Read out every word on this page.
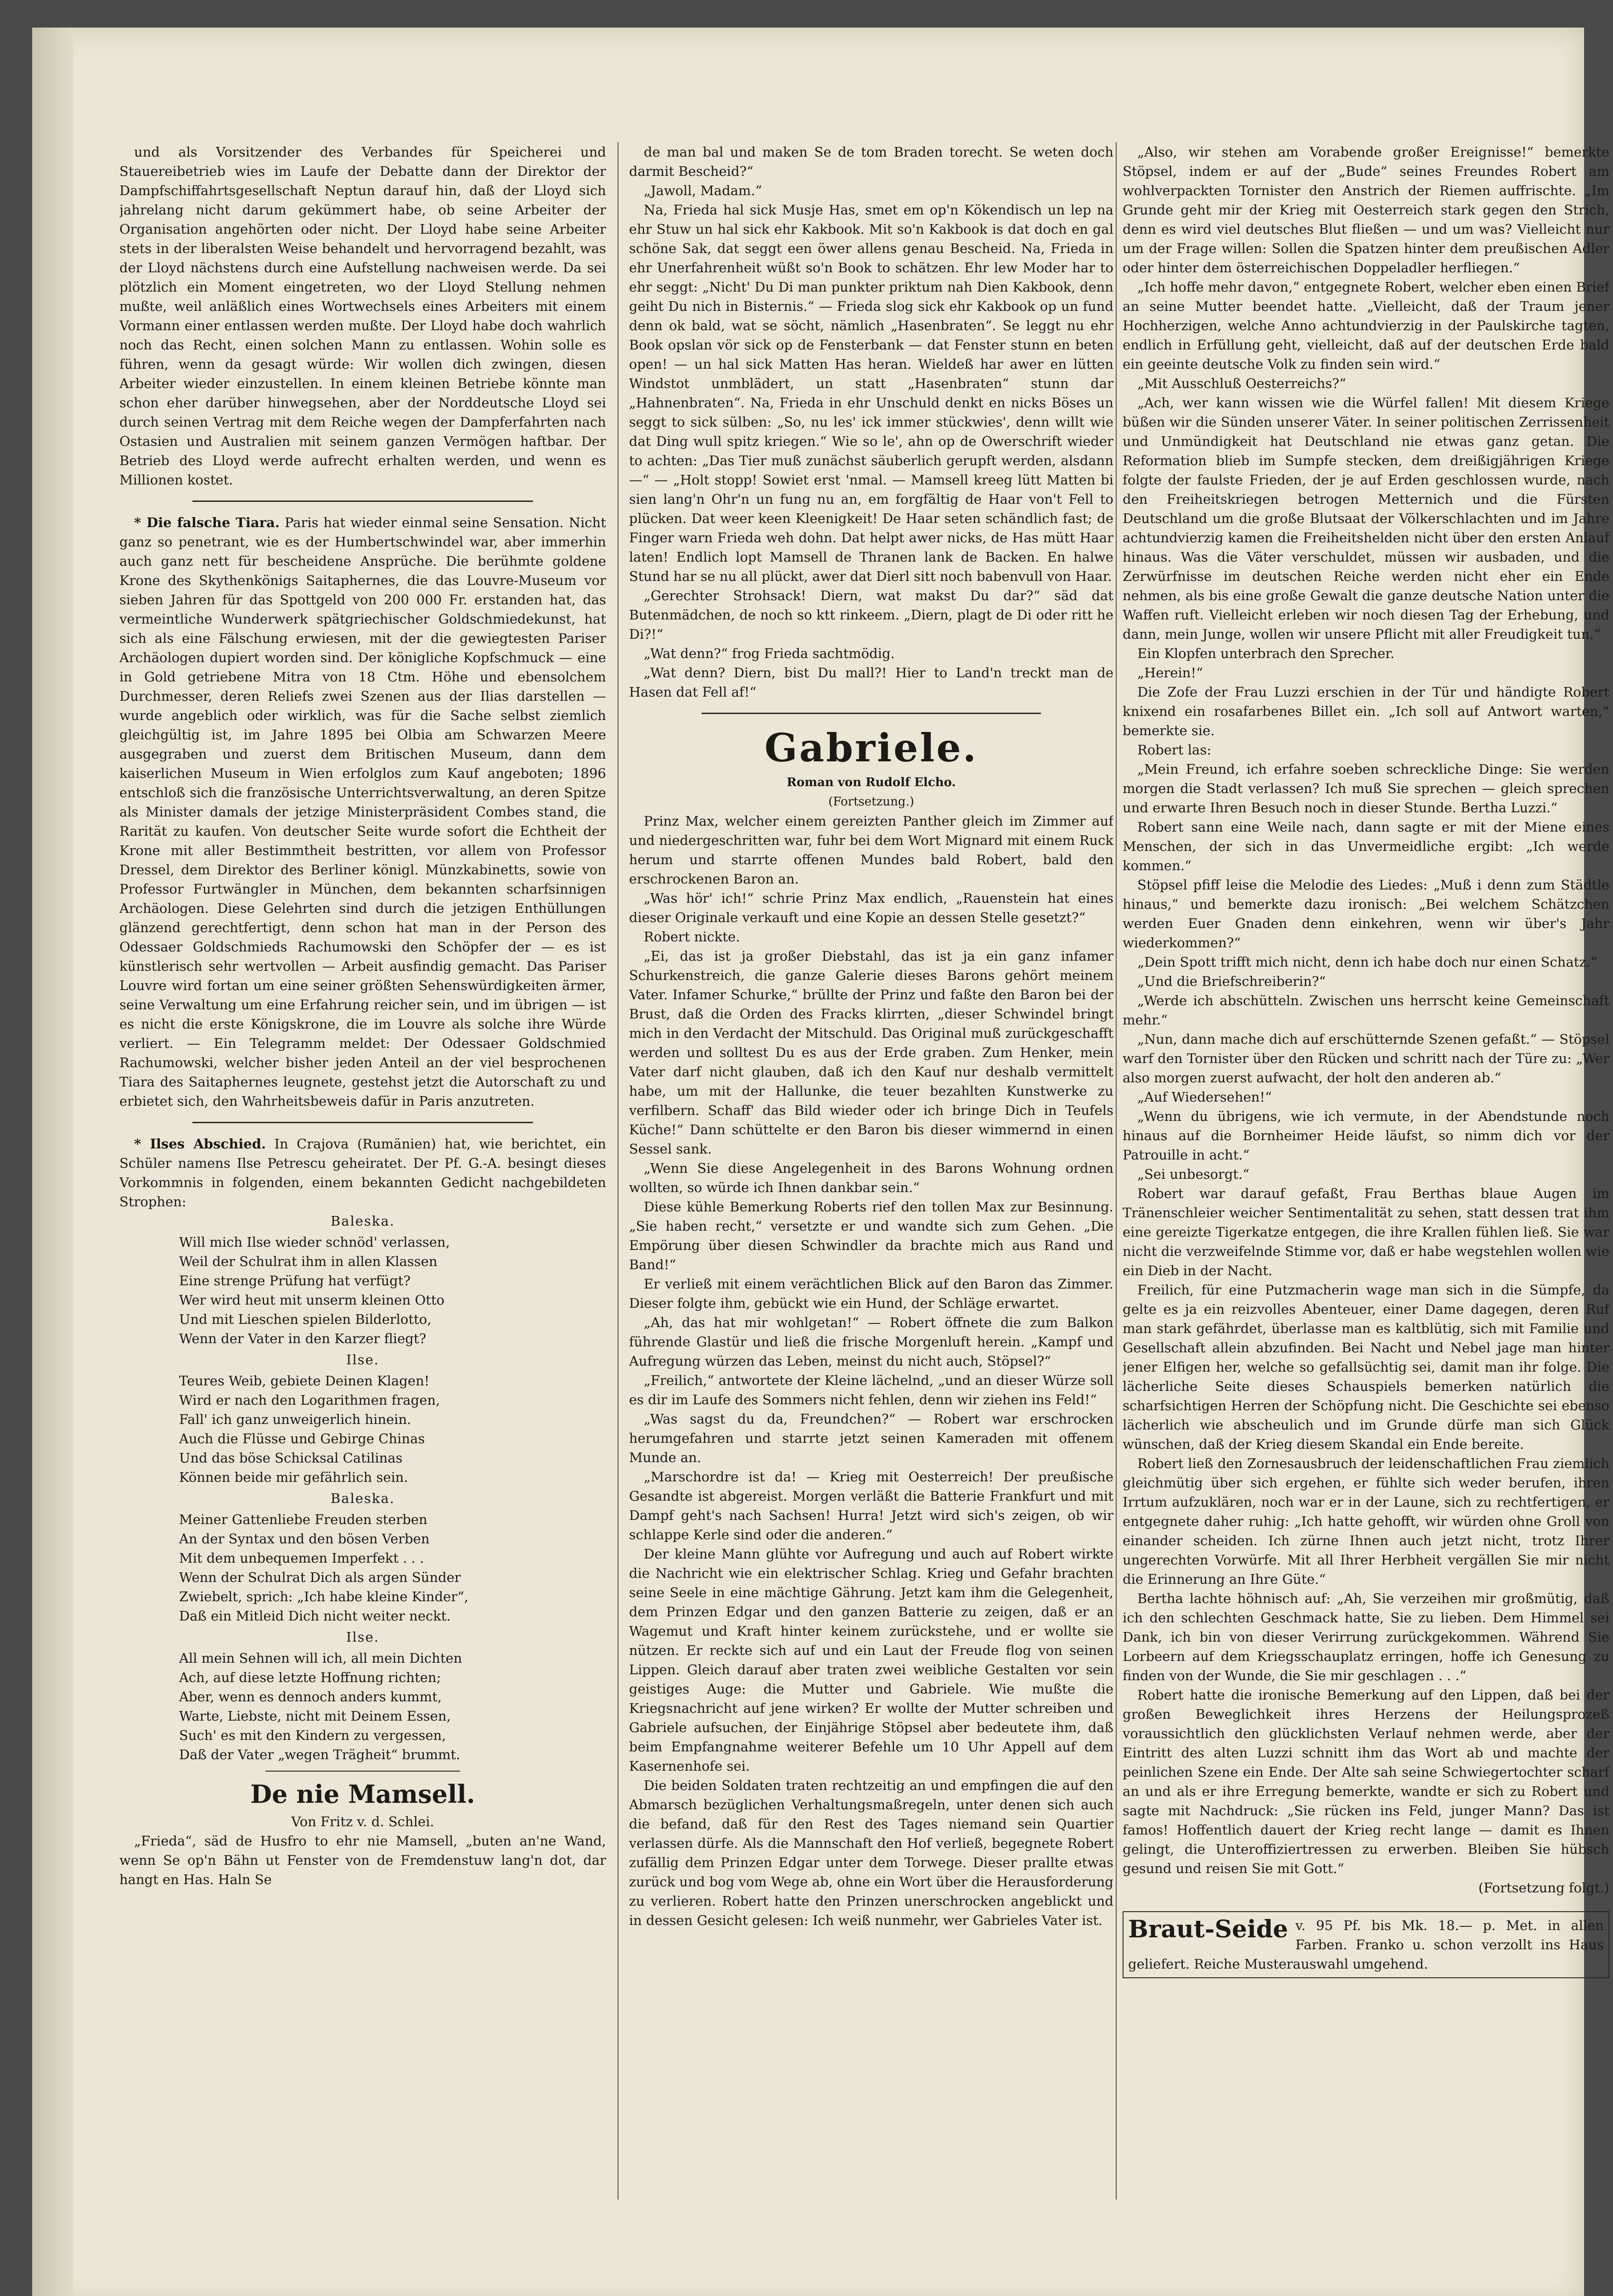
und als Vorsitzender des Verbandes für Speicherei und Stauereibetrieb wies im Laufe der Debatte dann der Direktor der Dampfschiffahrtsgesellschaft Neptun darauf hin, daß der Lloyd sich jahrelang nicht darum gekümmert habe, ob seine Arbeiter der Organisation angehörten oder nicht. Der Lloyd habe seine Arbeiter stets in der liberalsten Weise behandelt und hervorragend bezahlt, was der Lloyd nächstens durch eine Aufstellung nachweisen werde. Da sei plötzlich ein Moment eingetreten, wo der Lloyd Stellung nehmen mußte, weil anläßlich eines Wortwechsels eines Arbeiters mit einem Vormann einer entlassen werden mußte. Der Lloyd habe doch wahrlich noch das Recht, einen solchen Mann zu entlassen. Wohin solle es führen, wenn da gesagt würde: Wir wollen dich zwingen, diesen Arbeiter wieder einzustellen. In einem kleinen Betriebe könnte man schon eher darüber hinwegsehen, aber der Norddeutsche Lloyd sei durch seinen Vertrag mit dem Reiche wegen der Dampferfahrten nach Ostasien und Australien mit seinem ganzen Vermögen haftbar. Der Betrieb des Lloyd werde aufrecht erhalten werden, und wenn es Millionen kostet.

* Die falsche Tiara. Paris hat wieder einmal seine Sensation. Nicht ganz so penetrant, wie es der Humbertschwindel war, aber immerhin auch ganz nett für bescheidene Ansprüche. Die berühmte goldene Krone des Skythenkönigs Saitaphernes, die das Louvre-Museum vor sieben Jahren für das Spottgeld von 200 000 Fr. erstanden hat, das vermeintliche Wunderwerk spätgriechischer Goldschmiedekunst, hat sich als eine Fälschung erwiesen, mit der die gewiegtesten Pariser Archäologen dupiert worden sind. Der königliche Kopfschmuck — eine in Gold getriebene Mitra von 18 Ctm. Höhe und ebensolchem Durchmesser, deren Reliefs zwei Szenen aus der Ilias darstellen — wurde angeblich oder wirklich, was für die Sache selbst ziemlich gleichgültig ist, im Jahre 1895 bei Olbia am Schwarzen Meere ausgegraben und zuerst dem Britischen Museum, dann dem kaiserlichen Museum in Wien erfolglos zum Kauf angeboten; 1896 entschloß sich die französische Unterrichtsverwaltung, an deren Spitze als Minister damals der jetzige Ministerpräsident Combes stand, die Rarität zu kaufen. Von deutscher Seite wurde sofort die Echtheit der Krone mit aller Bestimmtheit bestritten, vor allem von Professor Dressel, dem Direktor des Berliner königl. Münzkabinetts, sowie von Professor Furtwängler in München, dem bekannten scharfsinnigen Archäologen. Diese Gelehrten sind durch die jetzigen Enthüllungen glänzend gerechtfertigt, denn schon hat man in der Person des Odessaer Goldschmieds Rachumowski den Schöpfer der — es ist künstlerisch sehr wertvollen — Arbeit ausfindig gemacht. Das Pariser Louvre wird fortan um eine seiner größten Sehenswürdigkeiten ärmer, seine Verwaltung um eine Erfahrung reicher sein, und im übrigen — ist es nicht die erste Königskrone, die im Louvre als solche ihre Würde verliert. — Ein Telegramm meldet: Der Odessaer Goldschmied Rachumowski, welcher bisher jeden Anteil an der viel besprochenen Tiara des Saitaphernes leugnete, gestehst jetzt die Autorschaft zu und erbietet sich, den Wahrheitsbeweis dafür in Paris anzutreten.

* Ilses Abschied. In Crajova (Rumänien) hat, wie berichtet, ein Schüler namens Ilse Petrescu geheiratet. Der Pf. G.-A. besingt dieses Vorkommnis in folgenden, einem bekannten Gedicht nachgebildeten Strophen:

Baleska.
Will mich Ilse wieder schnöd' verlassen,
Weil der Schulrat ihm in allen Klassen
Eine strenge Prüfung hat verfügt?
Wer wird heut mit unserm kleinen Otto
Und mit Lieschen spielen Bilderlotto,
Wenn der Vater in den Karzer fliegt?
Ilse.
Teures Weib, gebiete Deinen Klagen!
Wird er nach den Logarithmen fragen,
Fall' ich ganz unweigerlich hinein.
Auch die Flüsse und Gebirge Chinas
Und das böse Schicksal Catilinas
Können beide mir gefährlich sein.
Baleska.
Meiner Gattenliebe Freuden sterben
An der Syntax und den bösen Verben
Mit dem unbequemen Imperfekt . . .
Wenn der Schulrat Dich als argen Sünder
Zwiebelt, sprich: „Ich habe kleine Kinder“,
Daß ein Mitleid Dich nicht weiter neckt.
Ilse.
All mein Sehnen will ich, all mein Dichten
Ach, auf diese letzte Hoffnung richten;
Aber, wenn es dennoch anders kummt,
Warte, Liebste, nicht mit Deinem Essen,
Such' es mit den Kindern zu vergessen,
Daß der Vater „wegen Trägheit“ brummt.
De nie Mamsell.
Von Fritz v. d. Schlei.

„Frieda“, säd de Husfro to ehr nie Mamsell, „buten an'ne Wand, wenn Se op'n Bähn ut Fenster von de Fremdenstuw lang'n dot, dar hangt en Has. Haln Se

de man bal und maken Se de tom Braden torecht. Se weten doch darmit Bescheid?“

„Jawoll, Madam.“

Na, Frieda hal sick Musje Has, smet em op'n Kökendisch un lep na ehr Stuw un hal sick ehr Kakbook. Mit so'n Kakbook is dat doch en gal schöne Sak, dat seggt een öwer allens genau Bescheid. Na, Frieda in ehr Unerfahrenheit wüßt so'n Book to schätzen. Ehr lew Moder har to ehr seggt: „Nicht' Du Di man punkter priktum nah Dien Kakbook, denn geiht Du nich in Bisternis.“ — Frieda slog sick ehr Kakbook op un fund denn ok bald, wat se söcht, nämlich „Hasenbraten“. Se leggt nu ehr Book opslan vör sick op de Fensterbank — dat Fenster stunn en beten open! — un hal sick Matten Has heran. Wieldeß har awer en lütten Windstot unmblädert, un statt „Hasenbraten“ stunn dar „Hahnenbraten“. Na, Frieda in ehr Unschuld denkt en nicks Böses un seggt to sick sülben: „So, nu les' ick immer stückwies', denn willt wie dat Ding wull spitz kriegen.“ Wie so le', ahn op de Owerschrift wieder to achten: „Das Tier muß zunächst säuberlich gerupft werden, alsdann —“ — „Holt stopp! Sowiet erst 'nmal. — Mamsell kreeg lütt Matten bi sien lang'n Ohr'n un fung nu an, em forgfältig de Haar von't Fell to plücken. Dat weer keen Kleenigkeit! De Haar seten schändlich fast; de Finger warn Frieda weh dohn. Dat helpt awer nicks, de Has mütt Haar laten! Endlich lopt Mamsell de Thranen lank de Backen. En halwe Stund har se nu all plückt, awer dat Dierl sitt noch babenvull von Haar.

„Gerechter Strohsack! Diern, wat makst Du dar?“ säd dat Butenmädchen, de noch so ktt rinkeem. „Diern, plagt de Di oder ritt he Di?!“

„Wat denn?“ frog Frieda sachtmödig.

„Wat denn? Diern, bist Du mall?! Hier to Land'n treckt man de Hasen dat Fell af!“

Gabriele.
Roman von Rudolf Elcho.
(Fortsetzung.)

Prinz Max, welcher einem gereizten Panther gleich im Zimmer auf und niedergeschritten war, fuhr bei dem Wort Mignard mit einem Ruck herum und starrte offenen Mundes bald Robert, bald den erschrockenen Baron an.

„Was hör' ich!“ schrie Prinz Max endlich, „Rauenstein hat eines dieser Originale verkauft und eine Kopie an dessen Stelle gesetzt?“

Robert nickte.

„Ei, das ist ja großer Diebstahl, das ist ja ein ganz infamer Schurkenstreich, die ganze Galerie dieses Barons gehört meinem Vater. Infamer Schurke,“ brüllte der Prinz und faßte den Baron bei der Brust, daß die Orden des Fracks klirrten, „dieser Schwindel bringt mich in den Verdacht der Mitschuld. Das Original muß zurückgeschafft werden und solltest Du es aus der Erde graben. Zum Henker, mein Vater darf nicht glauben, daß ich den Kauf nur deshalb vermittelt habe, um mit der Hallunke, die teuer bezahlten Kunstwerke zu verfilbern. Schaff' das Bild wieder oder ich bringe Dich in Teufels Küche!“ Dann schüttelte er den Baron bis dieser wimmernd in einen Sessel sank.

„Wenn Sie diese Angelegenheit in des Barons Wohnung ordnen wollten, so würde ich Ihnen dankbar sein.“

Diese kühle Bemerkung Roberts rief den tollen Max zur Besinnung. „Sie haben recht,“ versetzte er und wandte sich zum Gehen. „Die Empörung über diesen Schwindler da brachte mich aus Rand und Band!“

Er verließ mit einem verächtlichen Blick auf den Baron das Zimmer. Dieser folgte ihm, gebückt wie ein Hund, der Schläge erwartet.

„Ah, das hat mir wohlgetan!“ — Robert öffnete die zum Balkon führende Glastür und ließ die frische Morgenluft herein. „Kampf und Aufregung würzen das Leben, meinst du nicht auch, Stöpsel?“

„Freilich,“ antwortete der Kleine lächelnd, „und an dieser Würze soll es dir im Laufe des Sommers nicht fehlen, denn wir ziehen ins Feld!“

„Was sagst du da, Freundchen?“ — Robert war erschrocken herumgefahren und starrte jetzt seinen Kameraden mit offenem Munde an.

„Marschordre ist da! — Krieg mit Oesterreich! Der preußische Gesandte ist abgereist. Morgen verläßt die Batterie Frankfurt und mit Dampf geht's nach Sachsen! Hurra! Jetzt wird sich's zeigen, ob wir schlappe Kerle sind oder die anderen.“

Der kleine Mann glühte vor Aufregung und auch auf Robert wirkte die Nachricht wie ein elektrischer Schlag. Krieg und Gefahr brachten seine Seele in eine mächtige Gährung. Jetzt kam ihm die Gelegenheit, dem Prinzen Edgar und den ganzen Batterie zu zeigen, daß er an Wagemut und Kraft hinter keinem zurückstehe, und er wollte sie nützen. Er reckte sich auf und ein Laut der Freude flog von seinen Lippen. Gleich darauf aber traten zwei weibliche Gestalten vor sein geistiges Auge: die Mutter und Gabriele. Wie mußte die Kriegsnachricht auf jene wirken? Er wollte der Mutter schreiben und Gabriele aufsuchen, der Einjährige Stöpsel aber bedeutete ihm, daß beim Empfangnahme weiterer Befehle um 10 Uhr Appell auf dem Kasernenhofe sei.

Die beiden Soldaten traten rechtzeitig an und empfingen die auf den Abmarsch bezüglichen Verhaltungsmaßregeln, unter denen sich auch die befand, daß für den Rest des Tages niemand sein Quartier verlassen dürfe. Als die Mannschaft den Hof verließ, begegnete Robert zufällig dem Prinzen Edgar unter dem Torwege. Dieser prallte etwas zurück und bog vom Wege ab, ohne ein Wort über die Herausforderung zu verlieren. Robert hatte den Prinzen unerschrocken angeblickt und in dessen Gesicht gelesen: Ich weiß nunmehr, wer Gabrieles Vater ist.

„Also, wir stehen am Vorabende großer Ereignisse!“ bemerkte Stöpsel, indem er auf der „Bude“ seines Freundes Robert am wohlverpackten Tornister den Anstrich der Riemen auffrischte. „Im Grunde geht mir der Krieg mit Oesterreich stark gegen den Strich, denn es wird viel deutsches Blut fließen — und um was? Vielleicht nur um der Frage willen: Sollen die Spatzen hinter dem preußischen Adler oder hinter dem österreichischen Doppeladler herfliegen.“

„Ich hoffe mehr davon,“ entgegnete Robert, welcher eben einen Brief an seine Mutter beendet hatte. „Vielleicht, daß der Traum jener Hochherzigen, welche Anno achtundvierzig in der Paulskirche tagten, endlich in Erfüllung geht, vielleicht, daß auf der deutschen Erde bald ein geeinte deutsche Volk zu finden sein wird.“

„Mit Ausschluß Oesterreichs?“

„Ach, wer kann wissen wie die Würfel fallen! Mit diesem Kriege büßen wir die Sünden unserer Väter. In seiner politischen Zerrissenheit und Unmündigkeit hat Deutschland nie etwas ganz getan. Die Reformation blieb im Sumpfe stecken, dem dreißigjährigen Kriege folgte der faulste Frieden, der je auf Erden geschlossen wurde, nach den Freiheitskriegen betrogen Metternich und die Fürsten Deutschland um die große Blutsaat der Völkerschlachten und im Jahre achtundvierzig kamen die Freiheitshelden nicht über den ersten Anlauf hinaus. Was die Väter verschuldet, müssen wir ausbaden, und die Zerwürfnisse im deutschen Reiche werden nicht eher ein Ende nehmen, als bis eine große Gewalt die ganze deutsche Nation unter die Waffen ruft. Vielleicht erleben wir noch diesen Tag der Erhebung, und dann, mein Junge, wollen wir unsere Pflicht mit aller Freudigkeit tun.“

Ein Klopfen unterbrach den Sprecher.

„Herein!“

Die Zofe der Frau Luzzi erschien in der Tür und händigte Robert knixend ein rosafarbenes Billet ein. „Ich soll auf Antwort warten,“ bemerkte sie.

Robert las:

„Mein Freund, ich erfahre soeben schreckliche Dinge: Sie werden morgen die Stadt verlassen? Ich muß Sie sprechen — gleich sprechen und erwarte Ihren Besuch noch in dieser Stunde. Bertha Luzzi.“

Robert sann eine Weile nach, dann sagte er mit der Miene eines Menschen, der sich in das Unvermeidliche ergibt: „Ich werde kommen.“

Stöpsel pfiff leise die Melodie des Liedes: „Muß i denn zum Städtle hinaus,“ und bemerkte dazu ironisch: „Bei welchem Schätzchen werden Euer Gnaden denn einkehren, wenn wir über's Jahr wiederkommen?“

„Dein Spott trifft mich nicht, denn ich habe doch nur einen Schatz.“

„Und die Briefschreiberin?“

„Werde ich abschütteln. Zwischen uns herrscht keine Gemeinschaft mehr.“

„Nun, dann mache dich auf erschütternde Szenen gefaßt.“ — Stöpsel warf den Tornister über den Rücken und schritt nach der Türe zu: „Wer also morgen zuerst aufwacht, der holt den anderen ab.“

„Auf Wiedersehen!“

„Wenn du übrigens, wie ich vermute, in der Abendstunde noch hinaus auf die Bornheimer Heide läufst, so nimm dich vor der Patrouille in acht.“

„Sei unbesorgt.“

Robert war darauf gefaßt, Frau Berthas blaue Augen im Tränenschleier weicher Sentimentalität zu sehen, statt dessen trat ihm eine gereizte Tigerkatze entgegen, die ihre Krallen fühlen ließ. Sie war nicht die verzweifelnde Stimme vor, daß er habe wegstehlen wollen wie ein Dieb in der Nacht.

Freilich, für eine Putzmacherin wage man sich in die Sümpfe, da gelte es ja ein reizvolles Abenteuer, einer Dame dagegen, deren Ruf man stark gefährdet, überlasse man es kaltblütig, sich mit Familie und Gesellschaft allein abzufinden. Bei Nacht und Nebel jage man hinter jener Elfigen her, welche so gefallsüchtig sei, damit man ihr folge. Die lächerliche Seite dieses Schauspiels bemerken natürlich die scharfsichtigen Herren der Schöpfung nicht. Die Geschichte sei ebenso lächerlich wie abscheulich und im Grunde dürfe man sich Glück wünschen, daß der Krieg diesem Skandal ein Ende bereite.

Robert ließ den Zornesausbruch der leidenschaftlichen Frau ziemlich gleichmütig über sich ergehen, er fühlte sich weder berufen, ihren Irrtum aufzuklären, noch war er in der Laune, sich zu rechtfertigen, er entgegnete daher ruhig: „Ich hatte gehofft, wir würden ohne Groll von einander scheiden. Ich zürne Ihnen auch jetzt nicht, trotz Ihrer ungerechten Vorwürfe. Mit all Ihrer Herbheit vergällen Sie mir nicht die Erinnerung an Ihre Güte.“

Bertha lachte höhnisch auf: „Ah, Sie verzeihen mir großmütig, daß ich den schlechten Geschmack hatte, Sie zu lieben. Dem Himmel sei Dank, ich bin von dieser Verirrung zurückgekommen. Während Sie Lorbeern auf dem Kriegsschauplatz erringen, hoffe ich Genesung zu finden von der Wunde, die Sie mir geschlagen . . .“

Robert hatte die ironische Bemerkung auf den Lippen, daß bei der großen Beweglichkeit ihres Herzens der Heilungsprozeß voraussichtlich den glücklichsten Verlauf nehmen werde, aber der Eintritt des alten Luzzi schnitt ihm das Wort ab und machte der peinlichen Szene ein Ende. Der Alte sah seine Schwiegertochter scharf an und als er ihre Erregung bemerkte, wandte er sich zu Robert und sagte mit Nachdruck: „Sie rücken ins Feld, junger Mann? Das ist famos! Hoffentlich dauert der Krieg recht lange — damit es Ihnen gelingt, die Unteroffiziertressen zu erwerben. Bleiben Sie hübsch gesund und reisen Sie mit Gott.“

(Fortsetzung folgt.)
Braut-Seide v. 95 Pf. bis Mk. 18.— p. Met. in allen Farben. Franko u. schon verzollt ins Haus geliefert. Reiche Musterauswahl umgehend.
